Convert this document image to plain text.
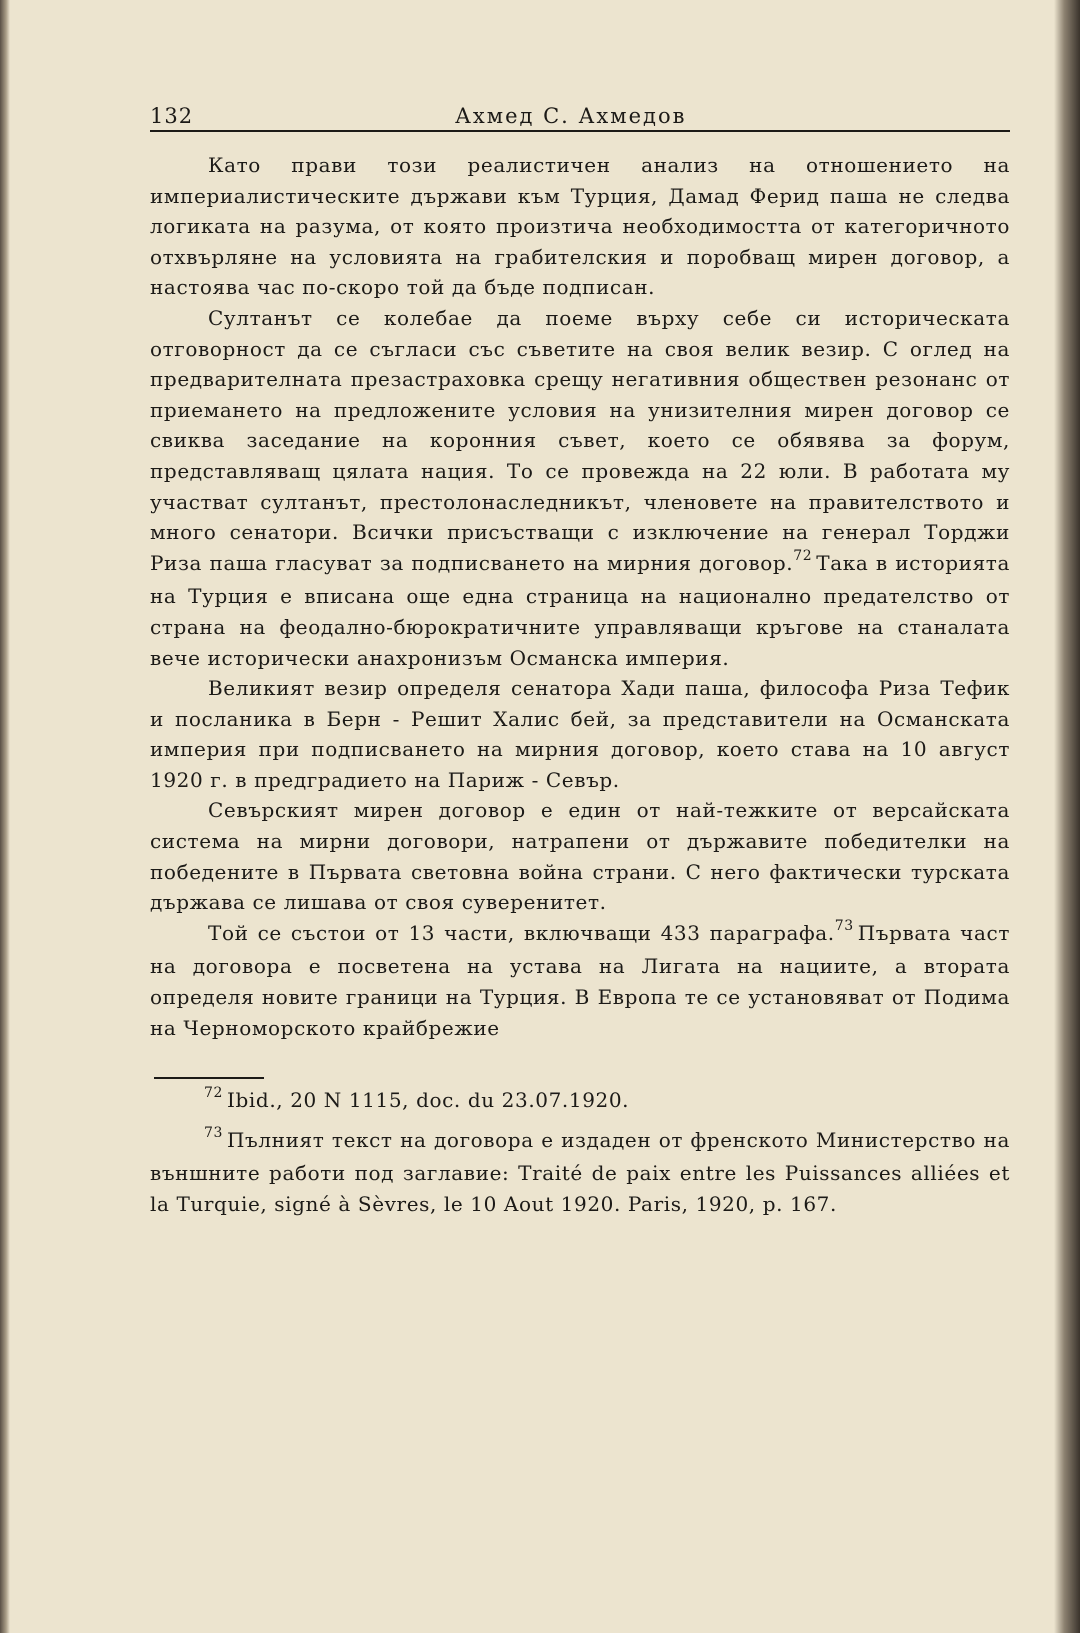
132	Ахмед С. Ахмедов

Като прави този реалистичен анализ на отношението на империалистическите държави към Турция, Дамад Ферид паша не следва логиката на разума, от която произтича необходимостта от категоричното отхвърляне на условията на грабителския и поробващ мирен договор, а настоява час по-скоро той да бъде подписан.

Султанът се колебае да поеме върху себе си историческата отговорност да се съгласи със съветите на своя велик везир. С оглед на предварителната презастраховка срещу негативния обществен резонанс от приемането на предложените условия на унизителния мирен договор се свиква заседание на коронния съвет, което се обявява за форум, представляващ цялата нация. То се провежда на 22 юли. В работата му участват султанът, престолонаследникът, членовете на правителството и много сенатори. Всички присъстващи с изключение на генерал Торджи Риза паша гласуват за подписването на мирния договор.$^{72}$ Така в историята на Турция е вписана още една страница на национално предателство от страна на феодално-бюрократичните управляващи кръгове на станалата вече исторически анахронизъм Османска империя.

Великият везир определя сенатора Хади паша, философа Риза Тефик и посланика в Берн - Решит Халис бей, за представители на Османската империя при подписването на мирния договор, което става на 10 август 1920 г. в предградието на Париж - Севър.

Севърският мирен договор е един от най-тежките от версайската система на мирни договори, натрапени от държавите победителки на победените в Първата световна война страни. С него фактически турската държава се лишава от своя суверенитет.

Той се състои от 13 части, включващи 433 параграфа.$^{73}$ Първата част на договора е посветена на устава на Лигата на нациите, а втората определя новите граници на Турция. В Европа те се установяват от Подима на Черноморското крайбрежие

$^{72}$ Ibid., 20 N 1115, doc. du 23.07.1920.

$^{73}$ Пълният текст на договора е издаден от френското Министерство на външните работи под заглавие: Traité de paix entre les Puissances alliées et la Turquie, signé à Sèvres, le 10 Aout 1920. Paris, 1920, p. 167.
